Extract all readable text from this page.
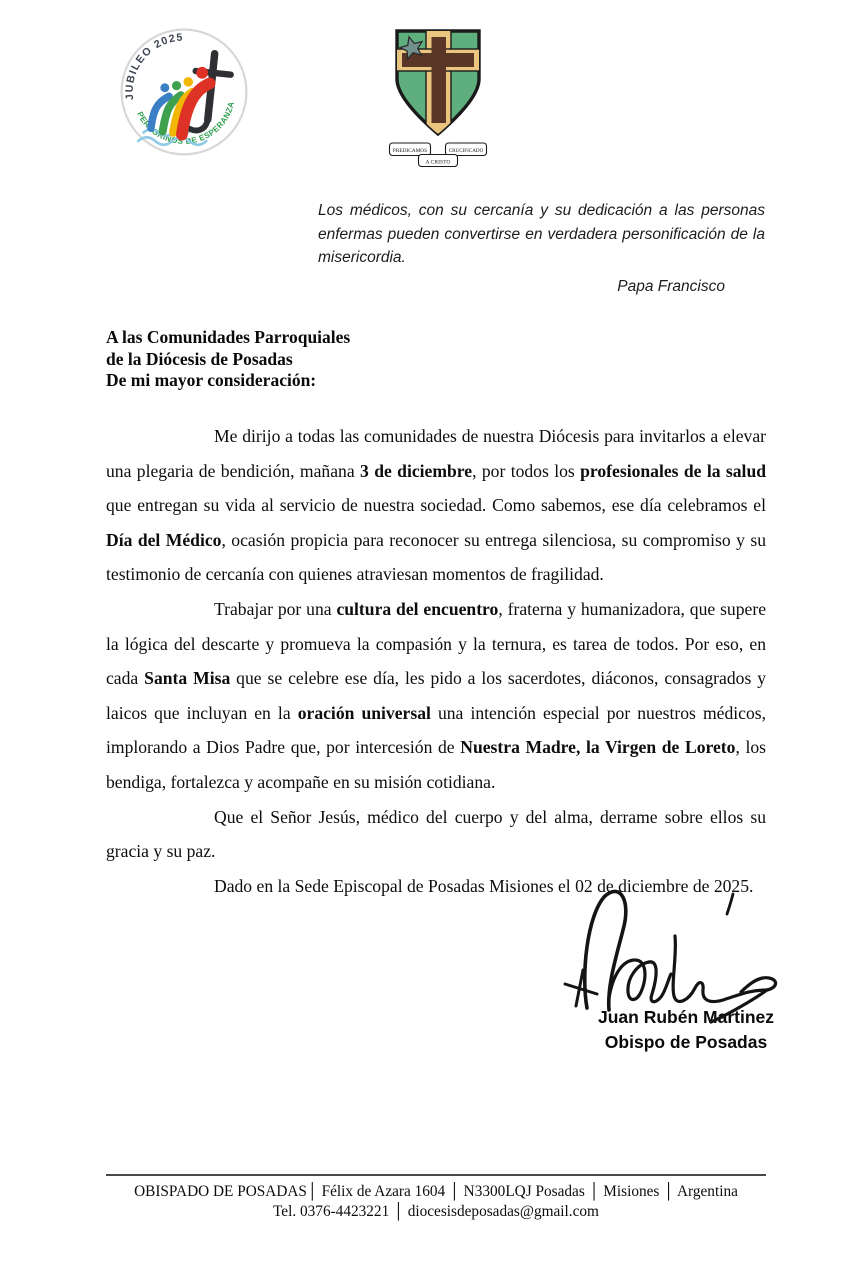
JUBILEO 2025
PEREGRINOS DE ESPERANZA
PREDICAMOS	CRUCIFICADO
A CRISTO
Los médicos, con su cercanía y su dedicación a las personas enfermas pueden convertirse en verdadera personificación de la misericordia.
Papa Francisco
A las Comunidades Parroquiales
de la Diócesis de Posadas
De mi mayor consideración:

Me dirijo a todas las comunidades de nuestra Diócesis para invitarlos a elevar una plegaria de bendición, mañana 3 de diciembre, por todos los profesionales de la salud que entregan su vida al servicio de nuestra sociedad. Como sabemos, ese día celebramos el Día del Médico, ocasión propicia para reconocer su entrega silenciosa, su compromiso y su testimonio de cercanía con quienes atraviesan momentos de fragilidad.

Trabajar por una cultura del encuentro, fraterna y humanizadora, que supere la lógica del descarte y promueva la compasión y la ternura, es tarea de todos. Por eso, en cada Santa Misa que se celebre ese día, les pido a los sacerdotes, diáconos, consagrados y laicos que incluyan en la oración universal una intención especial por nuestros médicos, implorando a Dios Padre que, por intercesión de Nuestra Madre, la Virgen de Loreto, los bendiga, fortalezca y acompañe en su misión cotidiana.

Que el Señor Jesús, médico del cuerpo y del alma, derrame sobre ellos su gracia y su paz.

Dado en la Sede Episcopal de Posadas Misiones el 02 de diciembre de 2025.

Juan Rubén Martinez
Obispo de Posadas
OBISPADO DE POSADAS│ Félix de Azara 1604 │ N3300LQJ Posadas │ Misiones │ Argentina
Tel. 0376-4423221 │ diocesisdeposadas@gmail.com
